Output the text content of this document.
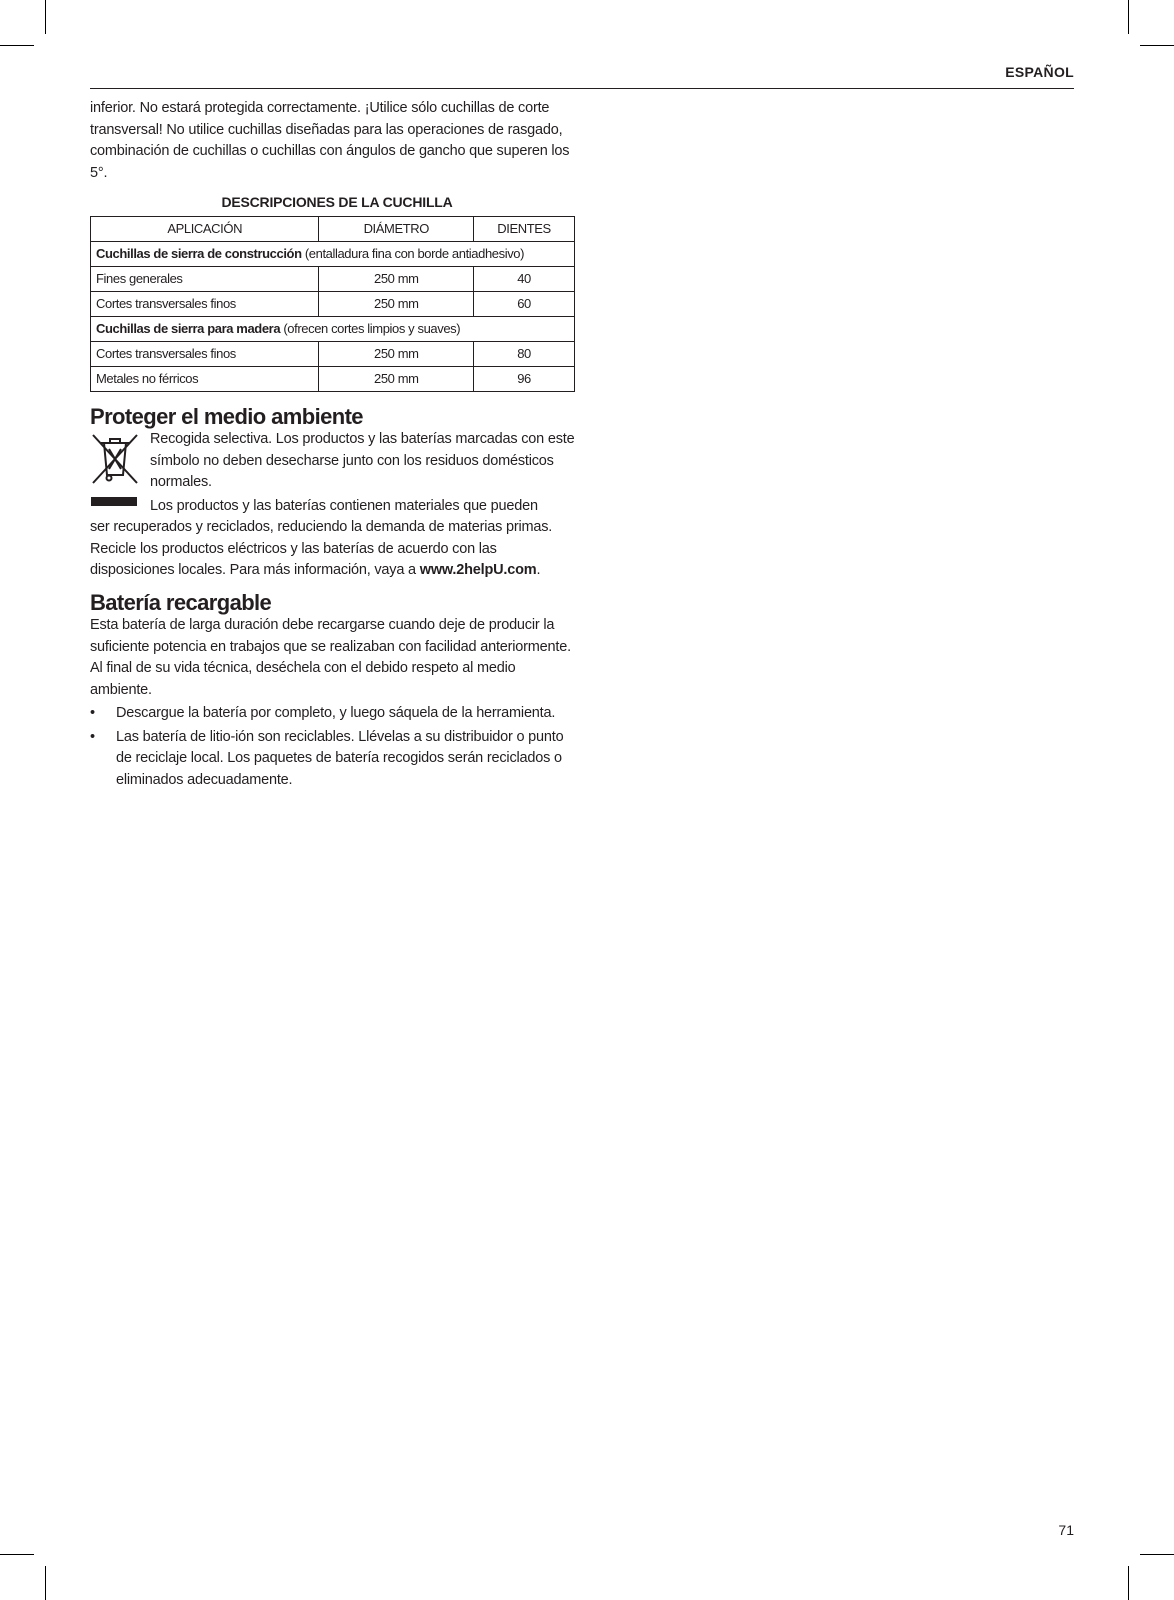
ESPAÑOL

inferior. No estará protegida correctamente. ¡Utilice sólo cuchillas de corte transversal! No utilice cuchillas diseñadas para las operaciones de rasgado, combinación de cuchillas o cuchillas con ángulos de gancho que superen los 5°.

DESCRIPCIONES DE LA CUCHILLA
APLICACIÓN	DIÁMETRO	DIENTES
Cuchillas de sierra de construcción (entalladura fina con borde antiadhesivo)		
Fines generales	250 mm	40
Cortes transversales finos	250 mm	60
Cuchillas de sierra para madera (ofrecen cortes limpios y suaves)		
Cortes transversales finos	250 mm	80
Metales no férricos	250 mm	96
Proteger el medio ambiente

Recogida selectiva. Los productos y las baterías marcadas con este símbolo no deben desecharse junto con los residuos domésticos normales.

Los productos y las baterías contienen materiales que pueden

ser recuperados y reciclados, reduciendo la demanda de materias primas. Recicle los productos eléctricos y las baterías de acuerdo con las disposiciones locales. Para más información, vaya a www.2helpU.com.

Batería recargable

Esta batería de larga duración debe recargarse cuando deje de producir la suficiente potencia en trabajos que se realizaban con facilidad anteriormente. Al final de su vida técnica, deséchela con el debido respeto al medio ambiente.

• Descargue la batería por completo, y luego sáquela de la herramienta.
• Las batería de litio-ión son reciclables. Llévelas a su distribuidor o punto de reciclaje local. Los paquetes de batería recogidos serán reciclados o eliminados adecuadamente.
71
